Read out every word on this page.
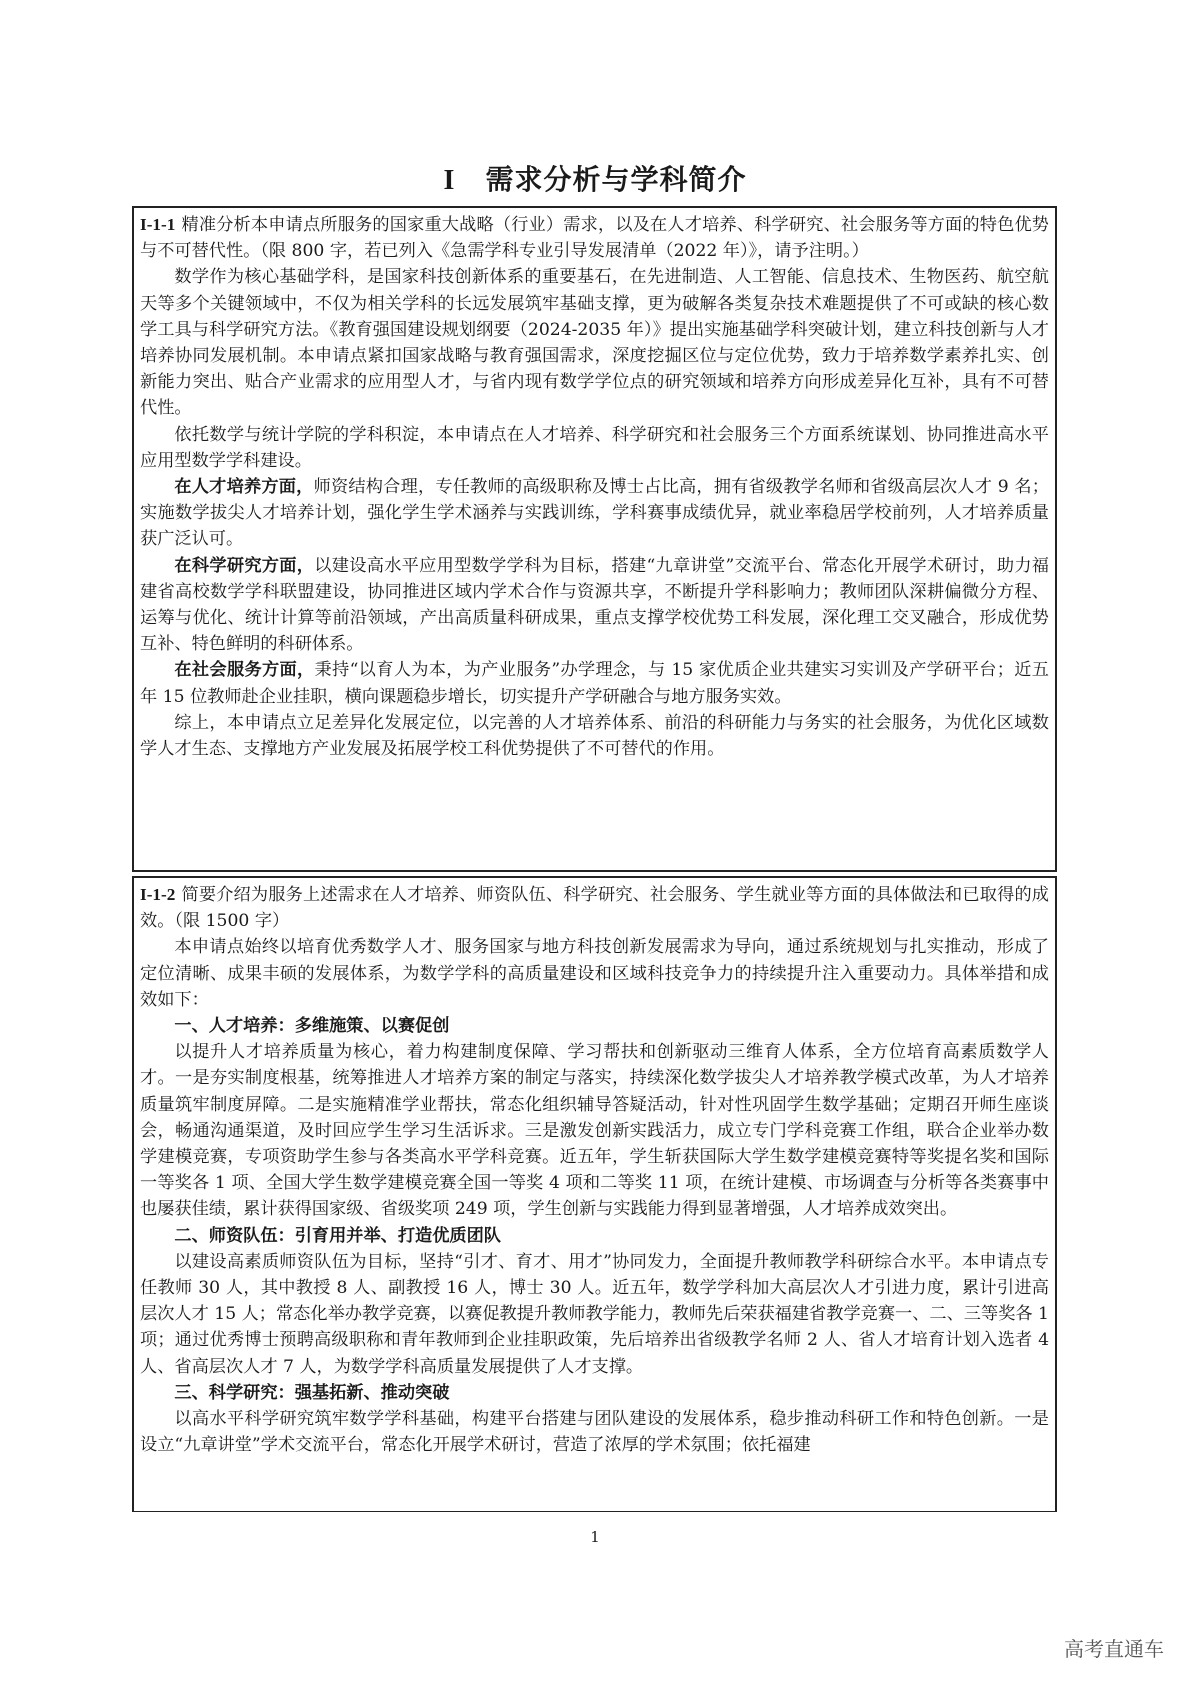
I 需求分析与学科简介

I-1-1 精准分析本申请点所服务的国家重大战略（行业）需求，以及在人才培养、科学研究、社会服务等方面的特色优势与不可替代性。（限 800 字，若已列入《急需学科专业引导发展清单（2022 年）》，请予注明。）

数学作为核心基础学科，是国家科技创新体系的重要基石，在先进制造、人工智能、信息技术、生物医药、航空航天等多个关键领域中，不仅为相关学科的长远发展筑牢基础支撑，更为破解各类复杂技术难题提供了不可或缺的核心数学工具与科学研究方法。《教育强国建设规划纲要（2024-2035 年）》提出实施基础学科突破计划，建立科技创新与人才培养协同发展机制。本申请点紧扣国家战略与教育强国需求，深度挖掘区位与定位优势，致力于培养数学素养扎实、创新能力突出、贴合产业需求的应用型人才，与省内现有数学学位点的研究领域和培养方向形成差异化互补，具有不可替代性。

依托数学与统计学院的学科积淀，本申请点在人才培养、科学研究和社会服务三个方面系统谋划、协同推进高水平应用型数学学科建设。

在人才培养方面，师资结构合理，专任教师的高级职称及博士占比高，拥有省级教学名师和省级高层次人才 9 名；实施数学拔尖人才培养计划，强化学生学术涵养与实践训练，学科赛事成绩优异，就业率稳居学校前列，人才培养质量获广泛认可。

在科学研究方面，以建设高水平应用型数学学科为目标，搭建“九章讲堂”交流平台、常态化开展学术研讨，助力福建省高校数学学科联盟建设，协同推进区域内学术合作与资源共享，不断提升学科影响力；教师团队深耕偏微分方程、运筹与优化、统计计算等前沿领域，产出高质量科研成果，重点支撑学校优势工科发展，深化理工交叉融合，形成优势互补、特色鲜明的科研体系。

在社会服务方面，秉持“以育人为本，为产业服务”办学理念，与 15 家优质企业共建实习实训及产学研平台；近五年 15 位教师赴企业挂职，横向课题稳步增长，切实提升产学研融合与地方服务实效。

综上，本申请点立足差异化发展定位，以完善的人才培养体系、前沿的科研能力与务实的社会服务，为优化区域数学人才生态、支撑地方产业发展及拓展学校工科优势提供了不可替代的作用。

I-1-2 简要介绍为服务上述需求在人才培养、师资队伍、科学研究、社会服务、学生就业等方面的具体做法和已取得的成效。（限 1500 字）

本申请点始终以培育优秀数学人才、服务国家与地方科技创新发展需求为导向，通过系统规划与扎实推动，形成了定位清晰、成果丰硕的发展体系，为数学学科的高质量建设和区域科技竞争力的持续提升注入重要动力。具体举措和成效如下：

一、人才培养：多维施策、以赛促创

以提升人才培养质量为核心，着力构建制度保障、学习帮扶和创新驱动三维育人体系，全方位培育高素质数学人才。一是夯实制度根基，统筹推进人才培养方案的制定与落实，持续深化数学拔尖人才培养教学模式改革，为人才培养质量筑牢制度屏障。二是实施精准学业帮扶，常态化组织辅导答疑活动，针对性巩固学生数学基础；定期召开师生座谈会，畅通沟通渠道，及时回应学生学习生活诉求。三是激发创新实践活力，成立专门学科竞赛工作组，联合企业举办数学建模竞赛，专项资助学生参与各类高水平学科竞赛。近五年，学生斩获国际大学生数学建模竞赛特等奖提名奖和国际一等奖各 1 项、全国大学生数学建模竞赛全国一等奖 4 项和二等奖 11 项，在统计建模、市场调查与分析等各类赛事中也屡获佳绩，累计获得国家级、省级奖项 249 项，学生创新与实践能力得到显著增强，人才培养成效突出。

二、师资队伍：引育用并举、打造优质团队

以建设高素质师资队伍为目标，坚持“引才、育才、用才”协同发力，全面提升教师教学科研综合水平。本申请点专任教师 30 人，其中教授 8 人、副教授 16 人，博士 30 人。近五年，数学学科加大高层次人才引进力度，累计引进高层次人才 15 人；常态化举办教学竞赛，以赛促教提升教师教学能力，教师先后荣获福建省教学竞赛一、二、三等奖各 1 项；通过优秀博士预聘高级职称和青年教师到企业挂职政策，先后培养出省级教学名师 2 人、省人才培育计划入选者 4 人、省高层次人才 7 人，为数学学科高质量发展提供了人才支撑。

三、科学研究：强基拓新、推动突破

以高水平科学研究筑牢数学学科基础，构建平台搭建与团队建设的发展体系，稳步推动科研工作和特色创新。一是设立“九章讲堂”学术交流平台，常态化开展学术研讨，营造了浓厚的学术氛围；依托福建

1
高考直通车
